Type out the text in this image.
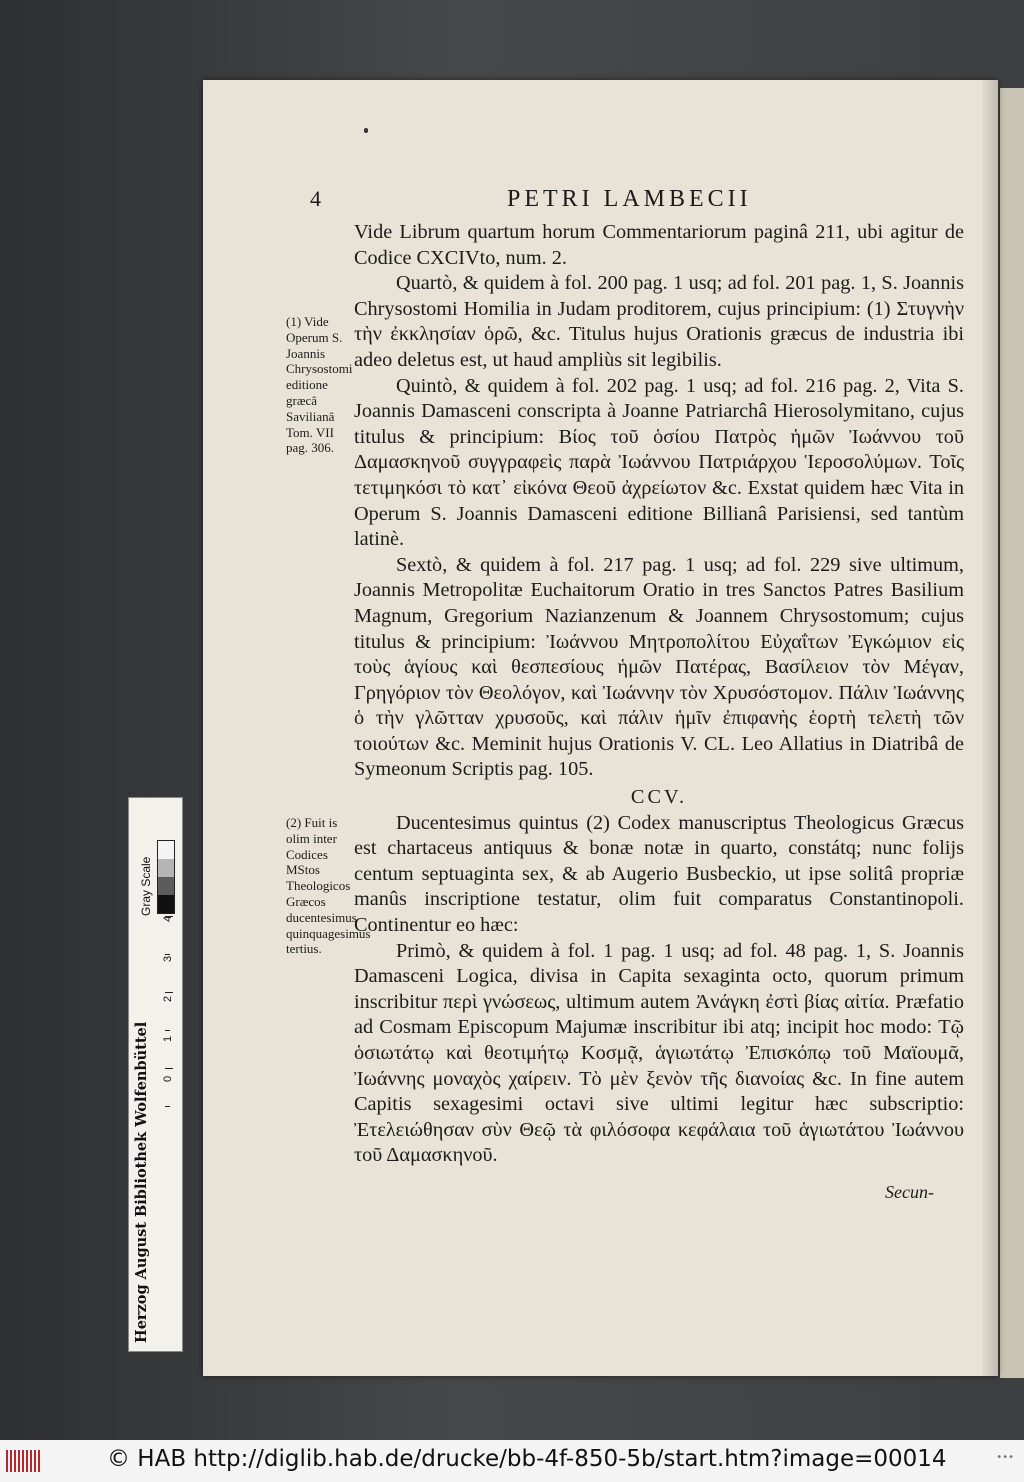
4	PETRI LAMBECII
(1) Vide Operum S. Joannis Chrysostomi editione græcâ Savilianâ Tom. VII pag. 306.
(2) Fuit is olim inter Codices MStos Theologicos Græcos ducentesimus quinquagesimus tertius.

Vide Librum quartum horum Commentariorum paginâ 211, ubi agitur de Codice CXCIVto, num. 2.

Quartò, & quidem à fol. 200 pag. 1 usq; ad fol. 201 pag. 1, S. Joannis Chrysostomi Homilia in Judam proditorem, cujus principium: (1) Στυγνὴν τὴν ἐκκλησίαν ὁρῶ, &c. Titulus hujus Orationis græcus de industria ibi adeo deletus est, ut haud ampliùs sit legibilis.

Quintò, & quidem à fol. 202 pag. 1 usq; ad fol. 216 pag. 2, Vita S. Joannis Damasceni conscripta à Joanne Patriarchâ Hierosolymitano, cujus titulus & principium: Βίος τοῦ ὁσίου Πατρὸς ἡμῶν Ἰωάννου τοῦ Δαμασκηνοῦ συγγραφεὶς παρὰ Ἰωάννου Πατριάρχου Ἱεροσολύμων. Τοῖς τετιμηκόσι τὸ κατ᾽ εἰκόνα Θεοῦ ἀχρείωτον &c. Exstat quidem hæc Vita in Operum S. Joannis Damasceni editione Billianâ Parisiensi, sed tantùm latinè.

Sextò, & quidem à fol. 217 pag. 1 usq; ad fol. 229 sive ultimum, Joannis Metropolitæ Euchaitorum Oratio in tres Sanctos Patres Basilium Magnum, Gregorium Nazianzenum & Joannem Chrysostomum; cujus titulus & principium: Ἰωάννου Μητροπολίτου Εὐχαΐτων Ἐγκώμιον εἰς τοὺς ἁγίους καὶ θεσπεσίους ἡμῶν Πατέρας, Βασίλειον τὸν Μέγαν, Γρηγόριον τὸν Θεολόγον, καὶ Ἰωάννην τὸν Χρυσόστομον. Πάλιν Ἰωάννης ὁ τὴν γλῶτταν χρυσοῦς, καὶ πάλιν ἡμῖν ἐπιφανὴς ἑορτὴ τελετὴ τῶν τοιούτων &c. Meminit hujus Orationis V. CL. Leo Allatius in Diatribâ de Symeonum Scriptis pag. 105.

CCV.

Ducentesimus quintus (2) Codex manuscriptus Theologicus Græcus est chartaceus antiquus & bonæ notæ in quarto, constátq; nunc folijs centum septuaginta sex, & ab Augerio Busbeckio, ut ipse solitâ propriæ manûs inscriptione testatur, olim fuit comparatus Constantinopoli. Continentur eo hæc:

Primò, & quidem à fol. 1 pag. 1 usq; ad fol. 48 pag. 1, S. Joannis Damasceni Logica, divisa in Capita sexaginta octo, quorum primum inscribitur περὶ γνώσεως, ultimum autem Ἀνάγκη ἐστὶ βίας αἰτία. Præfatio ad Cosmam Episcopum Majumæ inscribitur ibi atq; incipit hoc modo: Τῷ ὁσιωτάτῳ καὶ θεοτιμήτῳ Κοσμᾷ, ἁγιωτάτῳ Ἐπισκόπῳ τοῦ Μαϊουμᾶ, Ἰωάννης μοναχὸς χαίρειν. Τὸ μὲν ξενὸν τῆς διανοίας &c. In fine autem Capitis sexagesimi octavi sive ultimi legitur hæc subscriptio: Ἐτελειώθησαν σὺν Θεῷ τὰ φιλόσοφα κεφάλαια τοῦ ἁγιωτάτου Ἰωάννου τοῦ Δαμασκηνοῦ.

Secun-
Gray Scale
4
3
2
1
0
Herzog August Bibliothek Wolfenbüttel
© HAB http://diglib.hab.de/drucke/bb-4f-850-5b/start.htm?image=00014	•••
